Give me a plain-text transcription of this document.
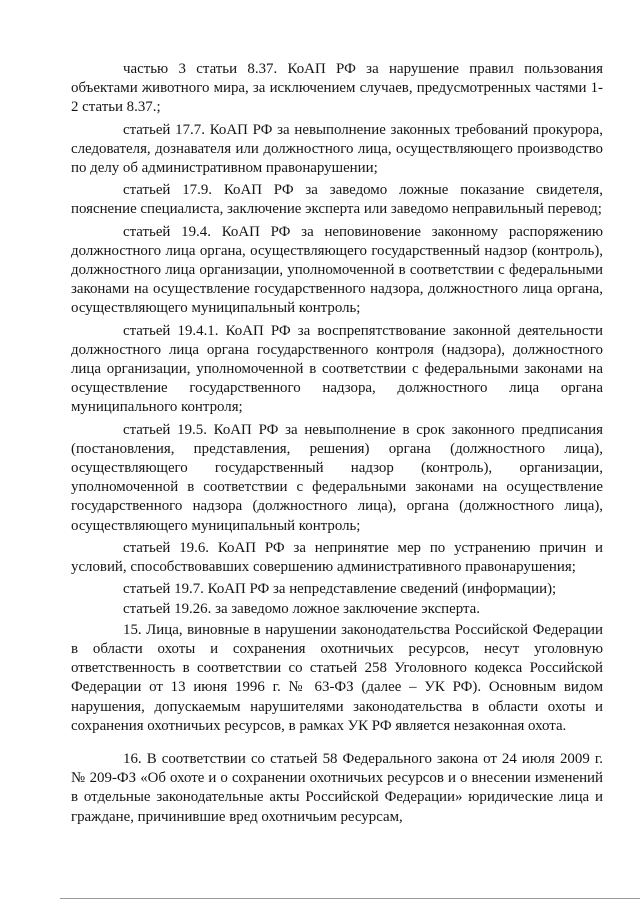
частью 3 статьи 8.37. КоАП РФ за нарушение правил пользования объектами животного мира, за исключением случаев, предусмотренных частями 1-2 статьи 8.37.;

статьей 17.7. КоАП РФ за невыполнение законных требований прокурора, следователя, дознавателя или должностного лица, осуществляющего производство по делу об административном правонарушении;

статьей 17.9. КоАП РФ за заведомо ложные показание свидетеля, пояснение специалиста, заключение эксперта или заведомо неправильный перевод;

статьей 19.4. КоАП РФ за неповиновение законному распоряжению должностного лица органа, осуществляющего государственный надзор (контроль), должностного лица организации, уполномоченной в соответствии с федеральными законами на осуществление государственного надзора, должностного лица органа, осуществляющего муниципальный контроль;

статьей 19.4.1. КоАП РФ за воспрепятствование законной деятельности должностного лица органа государственного контроля (надзора), должностного лица организации, уполномоченной в соответствии с федеральными законами на осуществление государственного надзора, должностного лица органа муниципального контроля;

статьей 19.5. КоАП РФ за невыполнение в срок законного предписания (постановления, представления, решения) органа (должностного лица), осуществляющего государственный надзор (контроль), организации, уполномоченной в соответствии с федеральными законами на осуществление государственного надзора (должностного лица), органа (должностного лица), осуществляющего муниципальный контроль;

статьей 19.6. КоАП РФ за непринятие мер по устранению причин и условий, способствовавших совершению административного правонарушения;

статьей 19.7. КоАП РФ за непредставление сведений (информации);

статьей 19.26. за заведомо ложное заключение эксперта.

15. Лица, виновные в нарушении законодательства Российской Федерации в области охоты и сохранения охотничьих ресурсов, несут уголовную ответственность в соответствии со статьей 258 Уголовного кодекса Российской Федерации от 13 июня 1996 г. № 63-ФЗ (далее – УК РФ). Основным видом нарушения, допускаемым нарушителями законодательства в области охоты и сохранения охотничьих ресурсов, в рамках УК РФ является незаконная охота.

16. В соответствии со статьей 58 Федерального закона от 24 июля 2009 г. № 209-ФЗ «Об охоте и о сохранении охотничьих ресурсов и о внесении изменений в отдельные законодательные акты Российской Федерации» юридические лица и граждане, причинившие вред охотничьим ресурсам,
